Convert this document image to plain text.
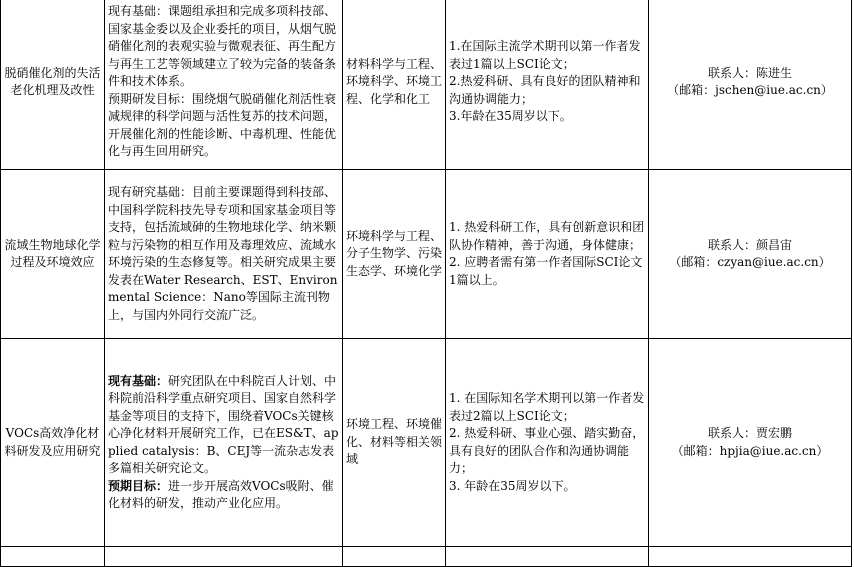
脱硝催化剂的失活老化机理及改性	现有基础：课题组承担和完成多项科技部、国家基金委以及企业委托的项目，从烟气脱硝催化剂的表观实验与微观表征、再生配方与再生工艺等领域建立了较为完备的装备条件和技术体系。
预期研发目标：围绕烟气脱硝催化剂活性衰减规律的科学问题与活性复苏的技术问题，开展催化剂的性能诊断、中毒机理、性能优化与再生回用研究。	材料科学与工程、环境科学、环境工程、化学和化工	1.在国际主流学术期刊以第一作者发表过1篇以上SCI论文；
2.热爱科研、具有良好的团队精神和沟通协调能力；
3.年龄在35周岁以下。	联系人：陈进生
（邮箱：jschen@iue.ac.cn）

流域生物地球化学过程及环境效应	现有研究基础：目前主要课题得到科技部、中国科学院科技先导专项和国家基金项目等支持，包括流域砷的生物地球化学、纳米颗粒与污染物的相互作用及毒理效应、流域水环境污染的生态修复等。相关研究成果主要发表在Water Research、EST、Environmental Science：Nano等国际主流刊物上，与国内外同行交流广泛。	环境科学与工程、分子生物学、污染生态学、环境化学	1. 热爱科研工作，具有创新意识和团队协作精神，善于沟通，身体健康；
2. 应聘者需有第一作者国际SCI论文1篇以上。	联系人：颜昌宙
（邮箱：czyan@iue.ac.cn）

VOCs高效净化材料研发及应用研究	现有基础：研究团队在中科院百人计划、中科院前沿科学重点研究项目、国家自然科学基金等项目的支持下，围绕着VOCs关键核心净化材料开展研究工作，已在ES&T、applied catalysis：B、CEJ等一流杂志发表多篇相关研究论文。
预期目标：进一步开展高效VOCs吸附、催化材料的研发，推动产业化应用。	环境工程、环境催化、材料等相关领域	1. 在国际知名学术期刊以第一作者发表过2篇以上SCI论文；
2. 热爱科研、事业心强、踏实勤奋，具有良好的团队合作和沟通协调能力；
3. 年龄在35周岁以下。	联系人：贾宏鹏
（邮箱：hpjia@iue.ac.cn）
